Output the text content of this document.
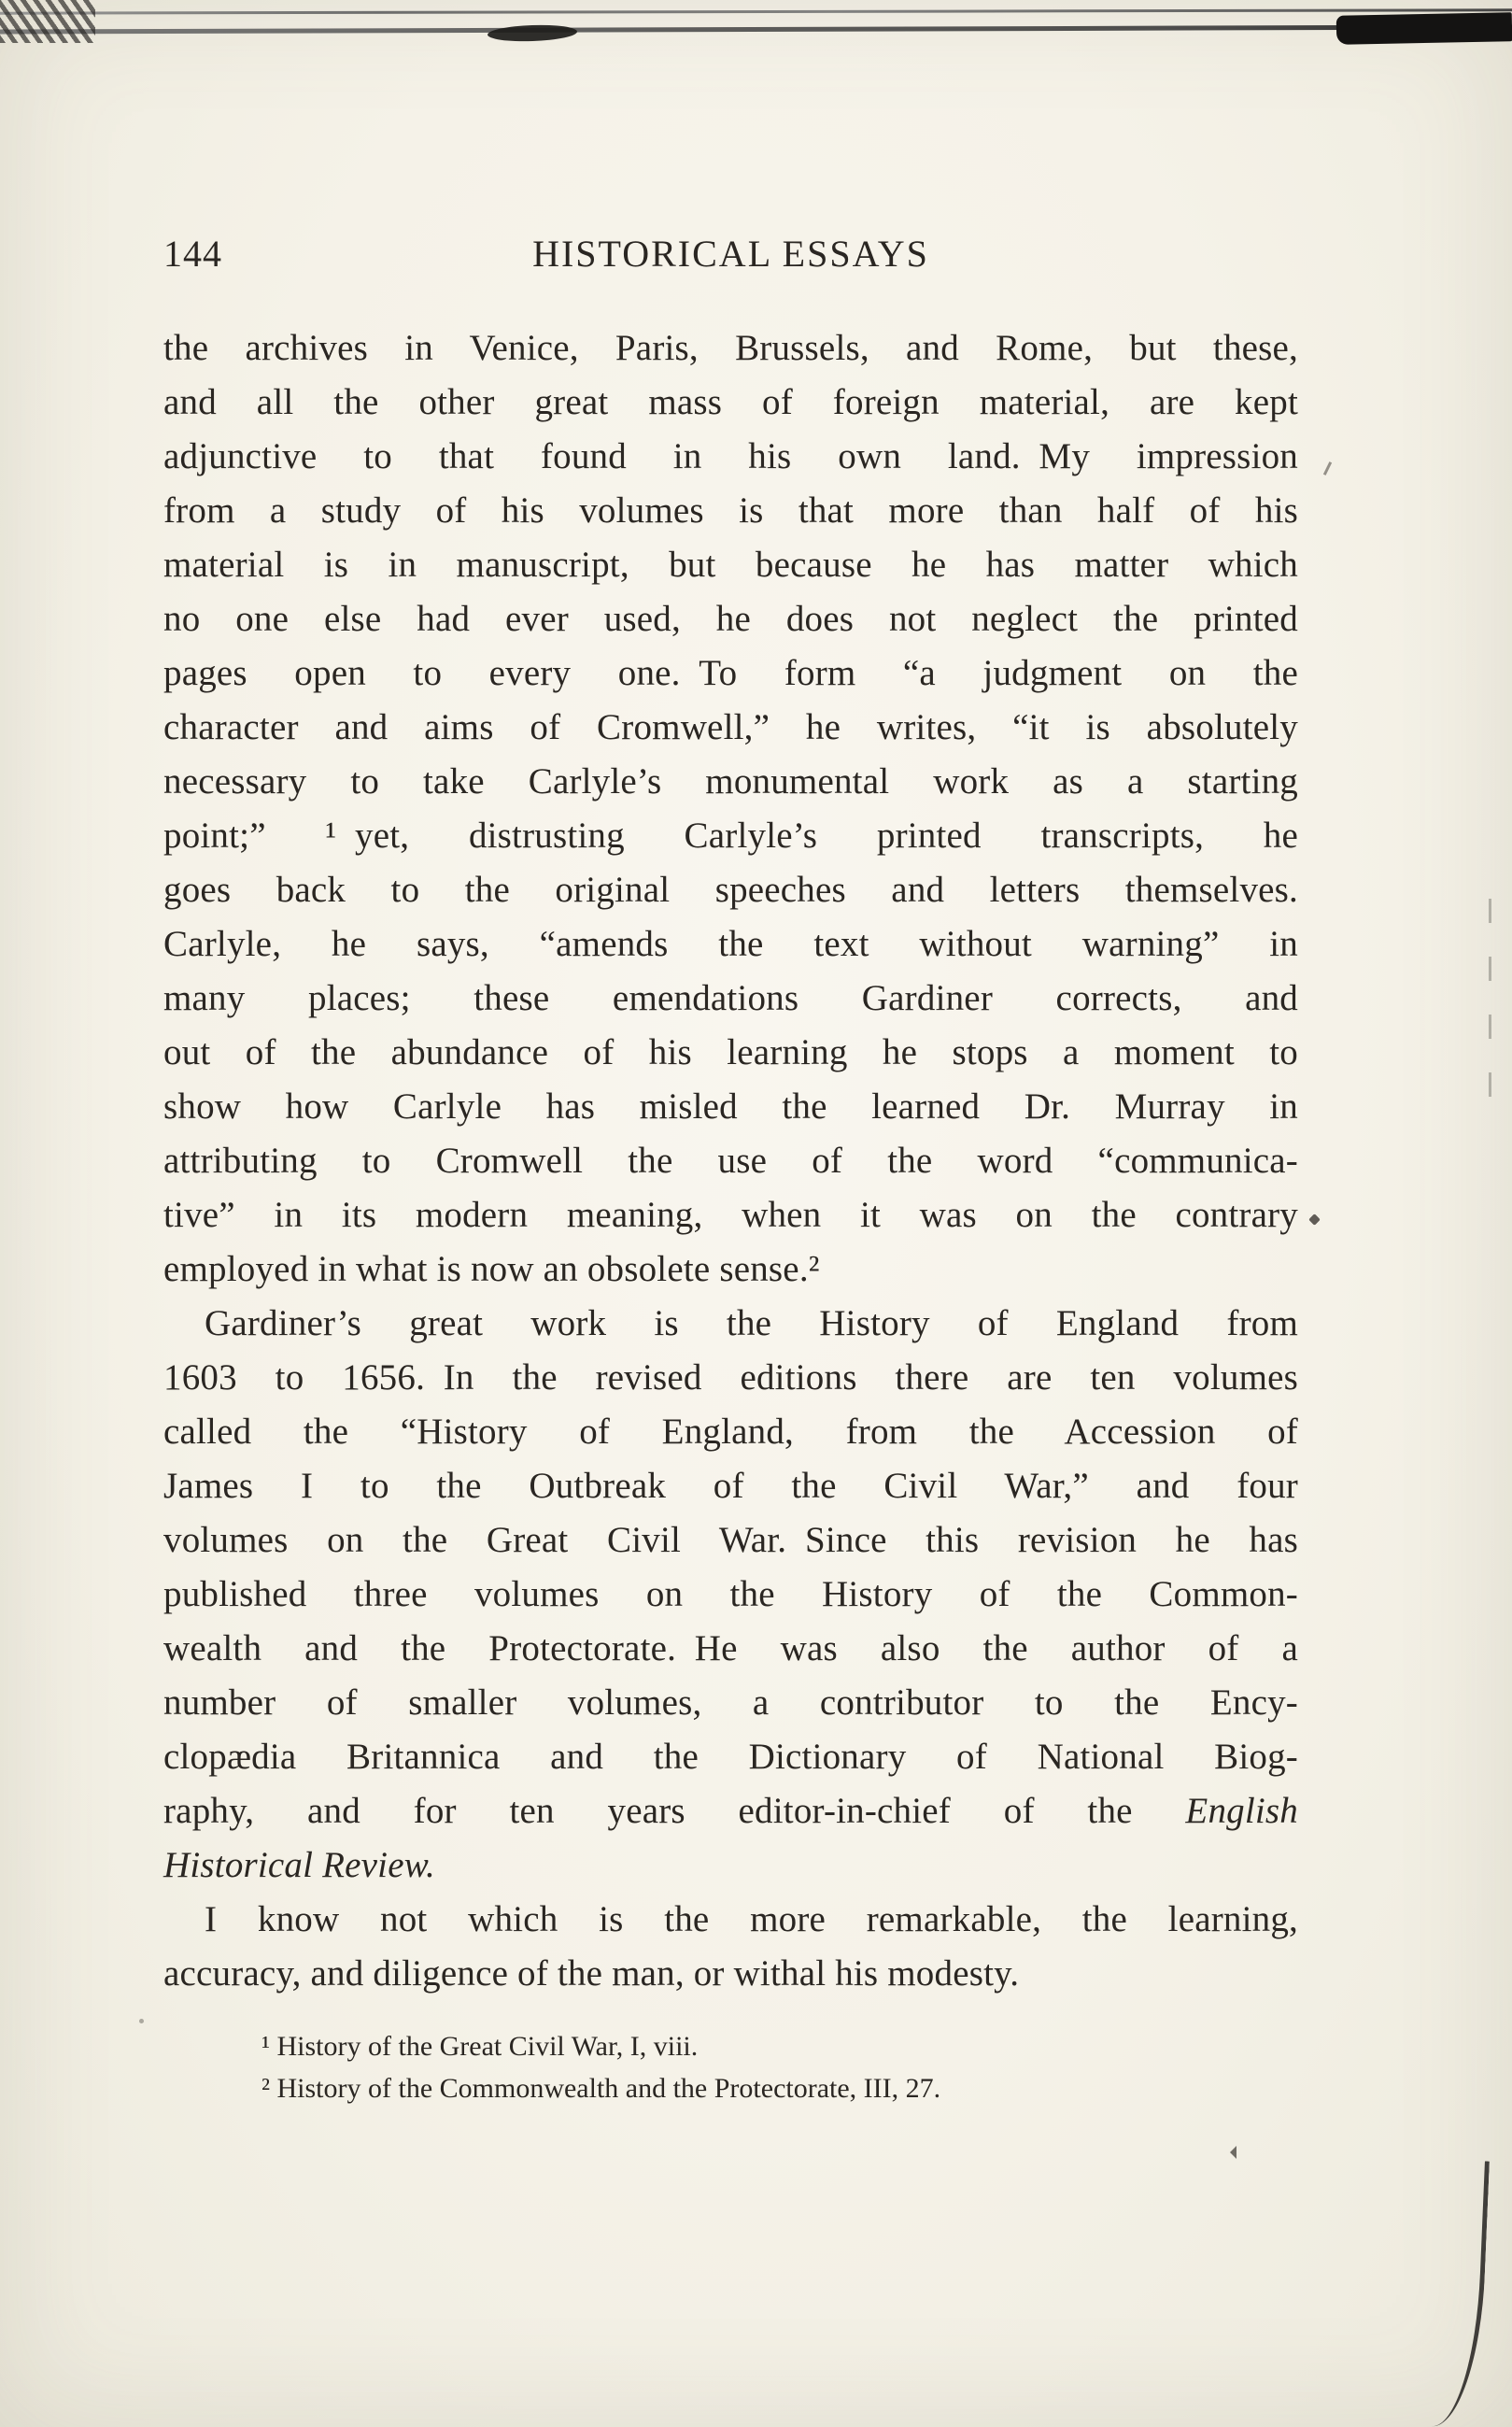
144	HISTORICAL ESSAYS
the archives in Venice, Paris, Brussels, and Rome, but these,
and all the other great mass of foreign material, are kept
adjunctive to that found in his own land. My impression
from a study of his volumes is that more than half of his
material is in manuscript, but because he has matter which
no one else had ever used, he does not neglect the printed
pages open to every one. To form “a judgment on the
character and aims of Cromwell,” he writes, “it is absolutely
necessary to take Carlyle’s monumental work as a starting
point;” ¹ yet, distrusting Carlyle’s printed transcripts, he
goes back to the original speeches and letters themselves.
Carlyle, he says, “amends the text without warning” in
many places; these emendations Gardiner corrects, and
out of the abundance of his learning he stops a moment to
show how Carlyle has misled the learned Dr. Murray in
attributing to Cromwell the use of the word “communica-
tive” in its modern meaning, when it was on the contrary
employed in what is now an obsolete sense.²
Gardiner’s great work is the History of England from
1603 to 1656. In the revised editions there are ten volumes
called the “History of England, from the Accession of
James I to the Outbreak of the Civil War,” and four
volumes on the Great Civil War. Since this revision he has
published three volumes on the History of the Common-
wealth and the Protectorate. He was also the author of a
number of smaller volumes, a contributor to the Ency-
clopædia Britannica and the Dictionary of National Biog-
raphy, and for ten years editor-in-chief of the English
Historical Review.
I know not which is the more remarkable, the learning,
accuracy, and diligence of the man, or withal his modesty.
¹ History of the Great Civil War, I, viii.
² History of the Commonwealth and the Protectorate, III, 27.
